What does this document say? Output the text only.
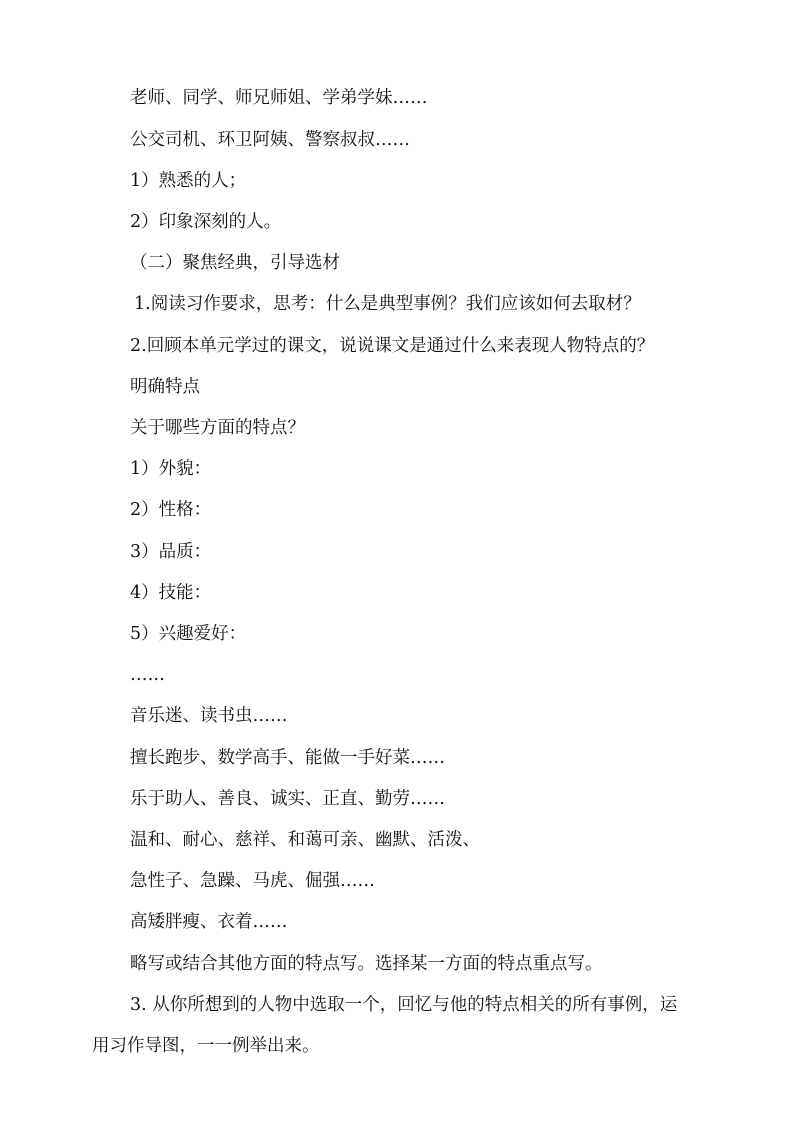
老师、同学、师兄师姐、学弟学妹……
公交司机、环卫阿姨、警察叔叔……
1）熟悉的人；
2）印象深刻的人。
（二）聚焦经典，引导选材
1.阅读习作要求，思考：什么是典型事例？我们应该如何去取材？
2.回顾本单元学过的课文，说说课文是通过什么来表现人物特点的？
明确特点
关于哪些方面的特点？
1）外貌：
2）性格：
3）品质：
4）技能：
5）兴趣爱好：
……
音乐迷、读书虫……
擅长跑步、数学高手、能做一手好菜……
乐于助人、善良、诚实、正直、勤劳……
温和、耐心、慈祥、和蔼可亲、幽默、活泼、
急性子、急躁、马虎、倔强……
高矮胖瘦、衣着……
略写或结合其他方面的特点写。选择某一方面的特点重点写。
3. 从你所想到的人物中选取一个，回忆与他的特点相关的所有事例，运
用习作导图，一一例举出来。
